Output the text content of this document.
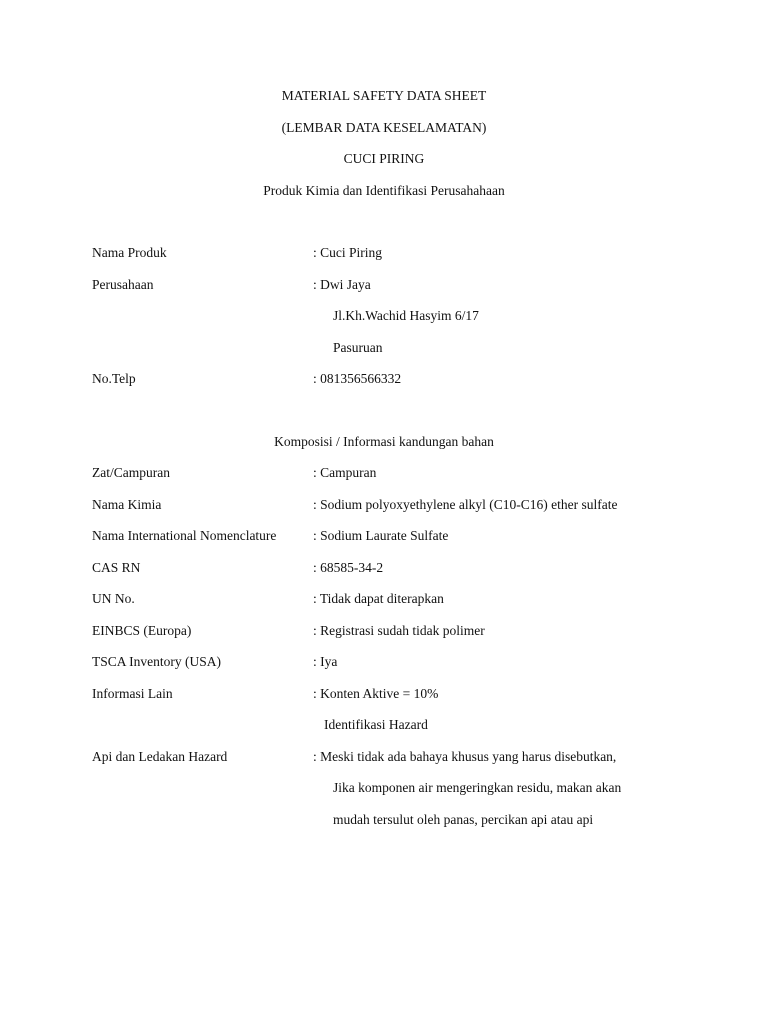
MATERIAL SAFETY DATA SHEET
(LEMBAR DATA KESELAMATAN)
CUCI PIRING
Produk Kimia dan Identifikasi Perusahahaan
Nama Produk	: Cuci Piring
Perusahaan	: Dwi Jaya
Jl.Kh.Wachid Hasyim 6/17
Pasuruan
No.Telp	: 081356566332
Komposisi / Informasi kandungan bahan
Zat/Campuran	: Campuran
Nama Kimia	: Sodium polyoxyethylene alkyl (C10-C16) ether sulfate
Nama International Nomenclature	: Sodium Laurate Sulfate
CAS RN	: 68585-34-2
UN No.	: Tidak dapat diterapkan
EINBCS (Europa)	: Registrasi sudah tidak polimer
TSCA Inventory (USA)	: Iya
Informasi Lain	: Konten Aktive = 10%
Identifikasi Hazard
Api dan Ledakan Hazard	: Meski tidak ada bahaya khusus yang harus disebutkan,
Jika komponen air mengeringkan residu, makan akan
mudah tersulut oleh panas, percikan api atau api
